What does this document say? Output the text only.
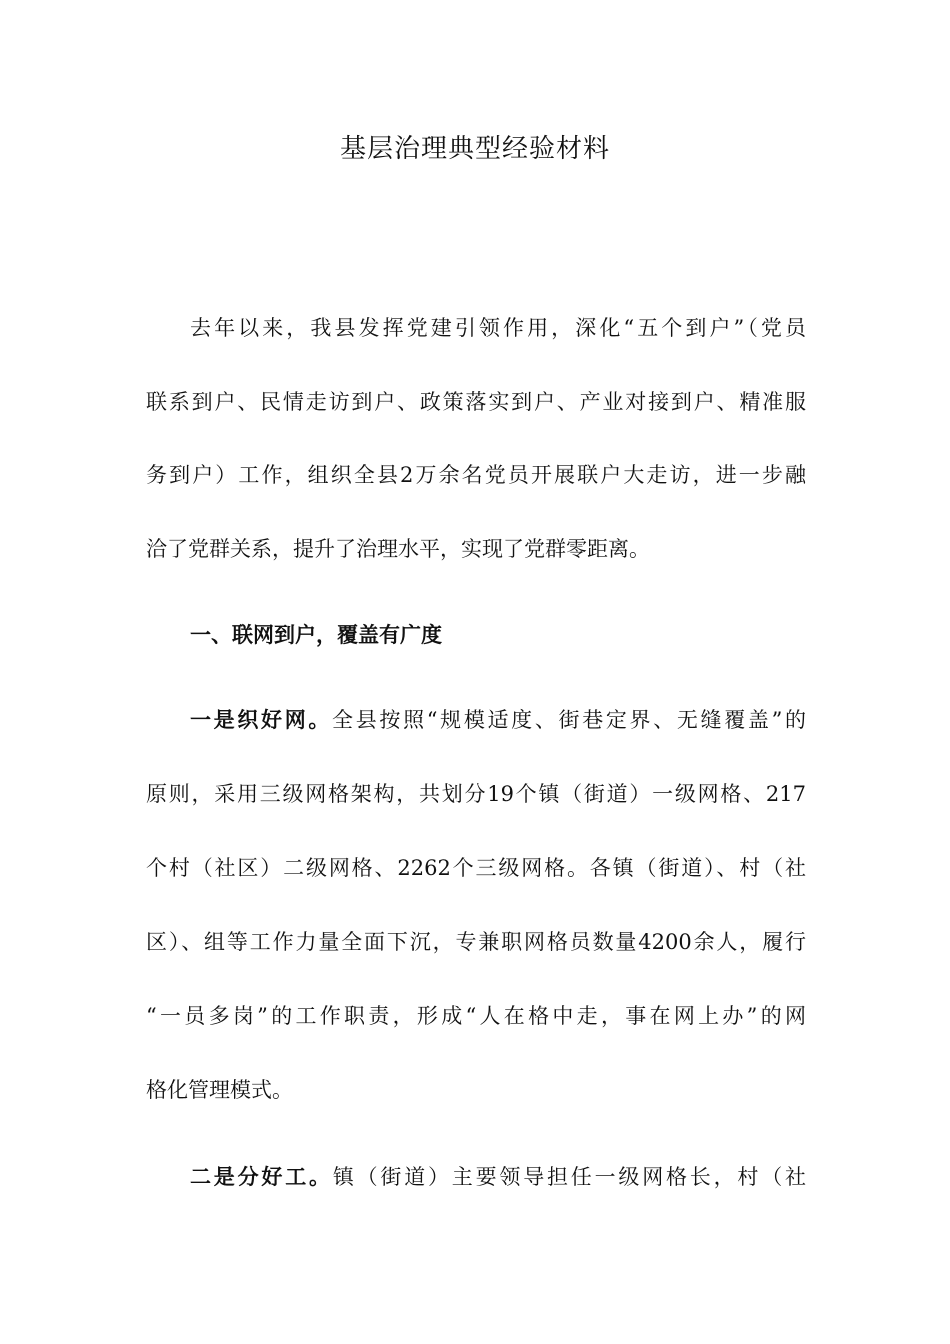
基层治理典型经验材料
去年以来，我县发挥党建引领作用，深化“五个到户”（党员
联系到户、民情走访到户、政策落实到户、产业对接到户、精准服
务到户）工作，组织全县2万余名党员开展联户大走访，进一步融
洽了党群关系，提升了治理水平，实现了党群零距离。
一、联网到户，覆盖有广度
一是织好网。全县按照“规模适度、街巷定界、无缝覆盖”的
原则，采用三级网格架构，共划分19个镇（街道）一级网格、217
个村（社区）二级网格、2262个三级网格。各镇（街道）、村（社
区）、组等工作力量全面下沉，专兼职网格员数量4200余人，履行
“一员多岗”的工作职责，形成“人在格中走，事在网上办”的网
格化管理模式。
二是分好工。镇（街道）主要领导担任一级网格长，村（社
